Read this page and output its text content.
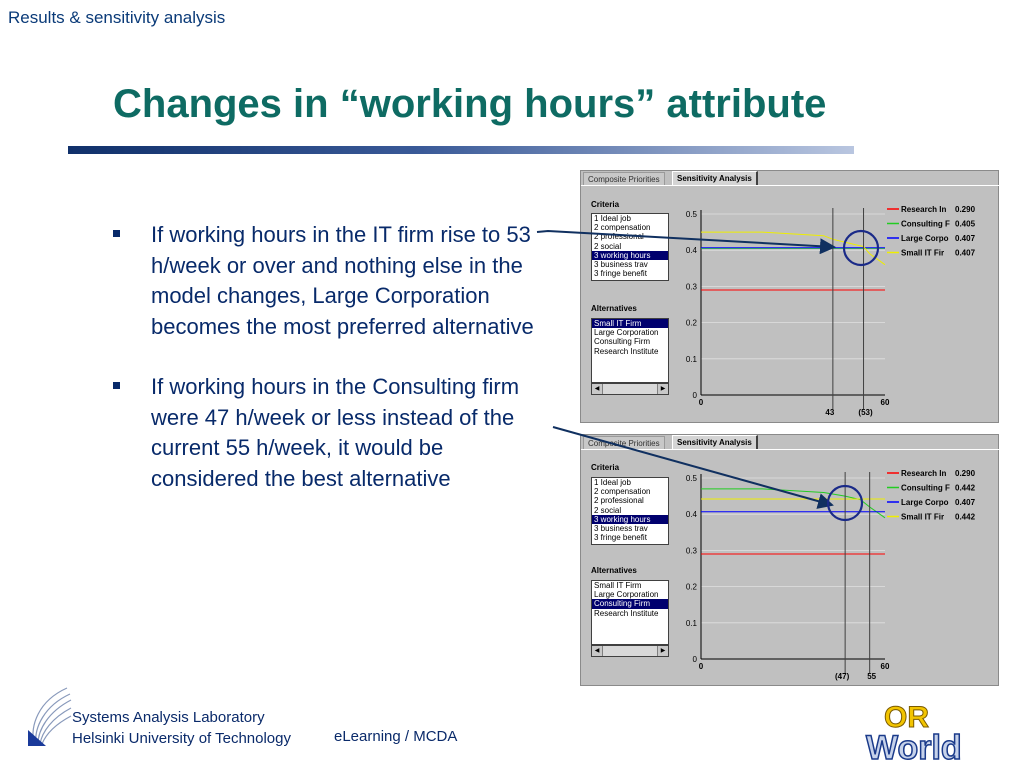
Results & sensitivity analysis
Changes in “working hours” attribute
If working hours in the IT firm rise to 53 h/week or over and nothing else in the model changes, Large Corporation becomes the most preferred alternative
If working hours in the Consulting firm were 47 h/week or less instead of the current 55 h/week, it would be considered the best alternative
Composite Priorities	Sensitivity Analysis
Criteria
1 Ideal job
2 compensation
2 professional
2 social
3 working hours
3 business trav
3 fringe benefit
Alternatives
Small IT Firm
Large Corporation
Consulting Firm
Research Institute
◀	▶
0
0.1
0.2
0.3
0.4
0.5
0	60
43	(53)
Research In 0.290
Consulting F 0.405
Large Corpo 0.407
Small IT Fir 0.407
Composite Priorities	Sensitivity Analysis
Criteria
1 Ideal job
2 compensation
2 professional
2 social
3 working hours
3 business trav
3 fringe benefit
Alternatives
Small IT Firm
Large Corporation
Consulting Firm
Research Institute
◀	▶
0
0.1
0.2
0.3
0.4
0.5
0	60
(47) 55
Research In 0.290
Consulting F 0.442
Large Corpo 0.407
Small IT Fir 0.442
Systems Analysis Laboratory
Helsinki University of Technology	eLearning / MCDA
OR
World
